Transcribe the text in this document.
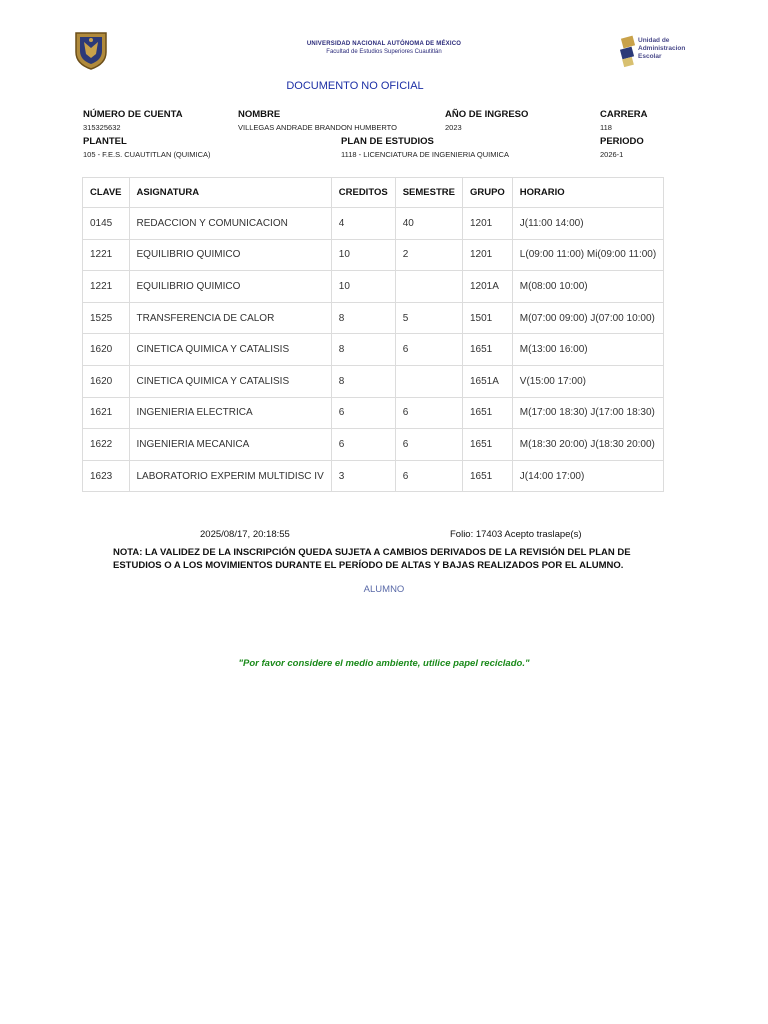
UNIVERSIDAD NACIONAL AUTÓNOMA DE MÉXICO
Facultad de Estudios Superiores Cuautitlán
Unidad de
Administracion
Escolar
DOCUMENTO NO OFICIAL
NÚMERO DE CUENTA
315325632
NOMBRE
VILLEGAS ANDRADE BRANDON HUMBERTO
AÑO DE INGRESO
2023
CARRERA
118
PLANTEL
105 - F.E.S. CUAUTITLAN (QUIMICA)
PLAN DE ESTUDIOS
1118 - LICENCIATURA DE INGENIERIA QUIMICA
PERIODO
2026-1
CLAVE	ASIGNATURA	CREDITOS	SEMESTRE	GRUPO	HORARIO
0145	REDACCION Y COMUNICACION	4	40	1201	J(11:00 14:00)
1221	EQUILIBRIO QUIMICO	10	2	1201	L(09:00 11:00) Mi(09:00 11:00)
1221	EQUILIBRIO QUIMICO	10		1201A	M(08:00 10:00)
1525	TRANSFERENCIA DE CALOR	8	5	1501	M(07:00 09:00) J(07:00 10:00)
1620	CINETICA QUIMICA Y CATALISIS	8	6	1651	M(13:00 16:00)
1620	CINETICA QUIMICA Y CATALISIS	8		1651A	V(15:00 17:00)
1621	INGENIERIA ELECTRICA	6	6	1651	M(17:00 18:30) J(17:00 18:30)
1622	INGENIERIA MECANICA	6	6	1651	M(18:30 20:00) J(18:30 20:00)
1623	LABORATORIO EXPERIM MULTIDISC IV	3	6	1651	J(14:00 17:00)
2025/08/17, 20:18:55	Folio: 17403 Acepto traslape(s)
NOTA: LA VALIDEZ DE LA INSCRIPCIÓN QUEDA SUJETA A CAMBIOS DERIVADOS DE LA REVISIÓN DEL PLAN DE ESTUDIOS O A LOS MOVIMIENTOS DURANTE EL PERÍODO DE ALTAS Y BAJAS REALIZADOS POR EL ALUMNO.
ALUMNO
"Por favor considere el medio ambiente, utilice papel reciclado."
